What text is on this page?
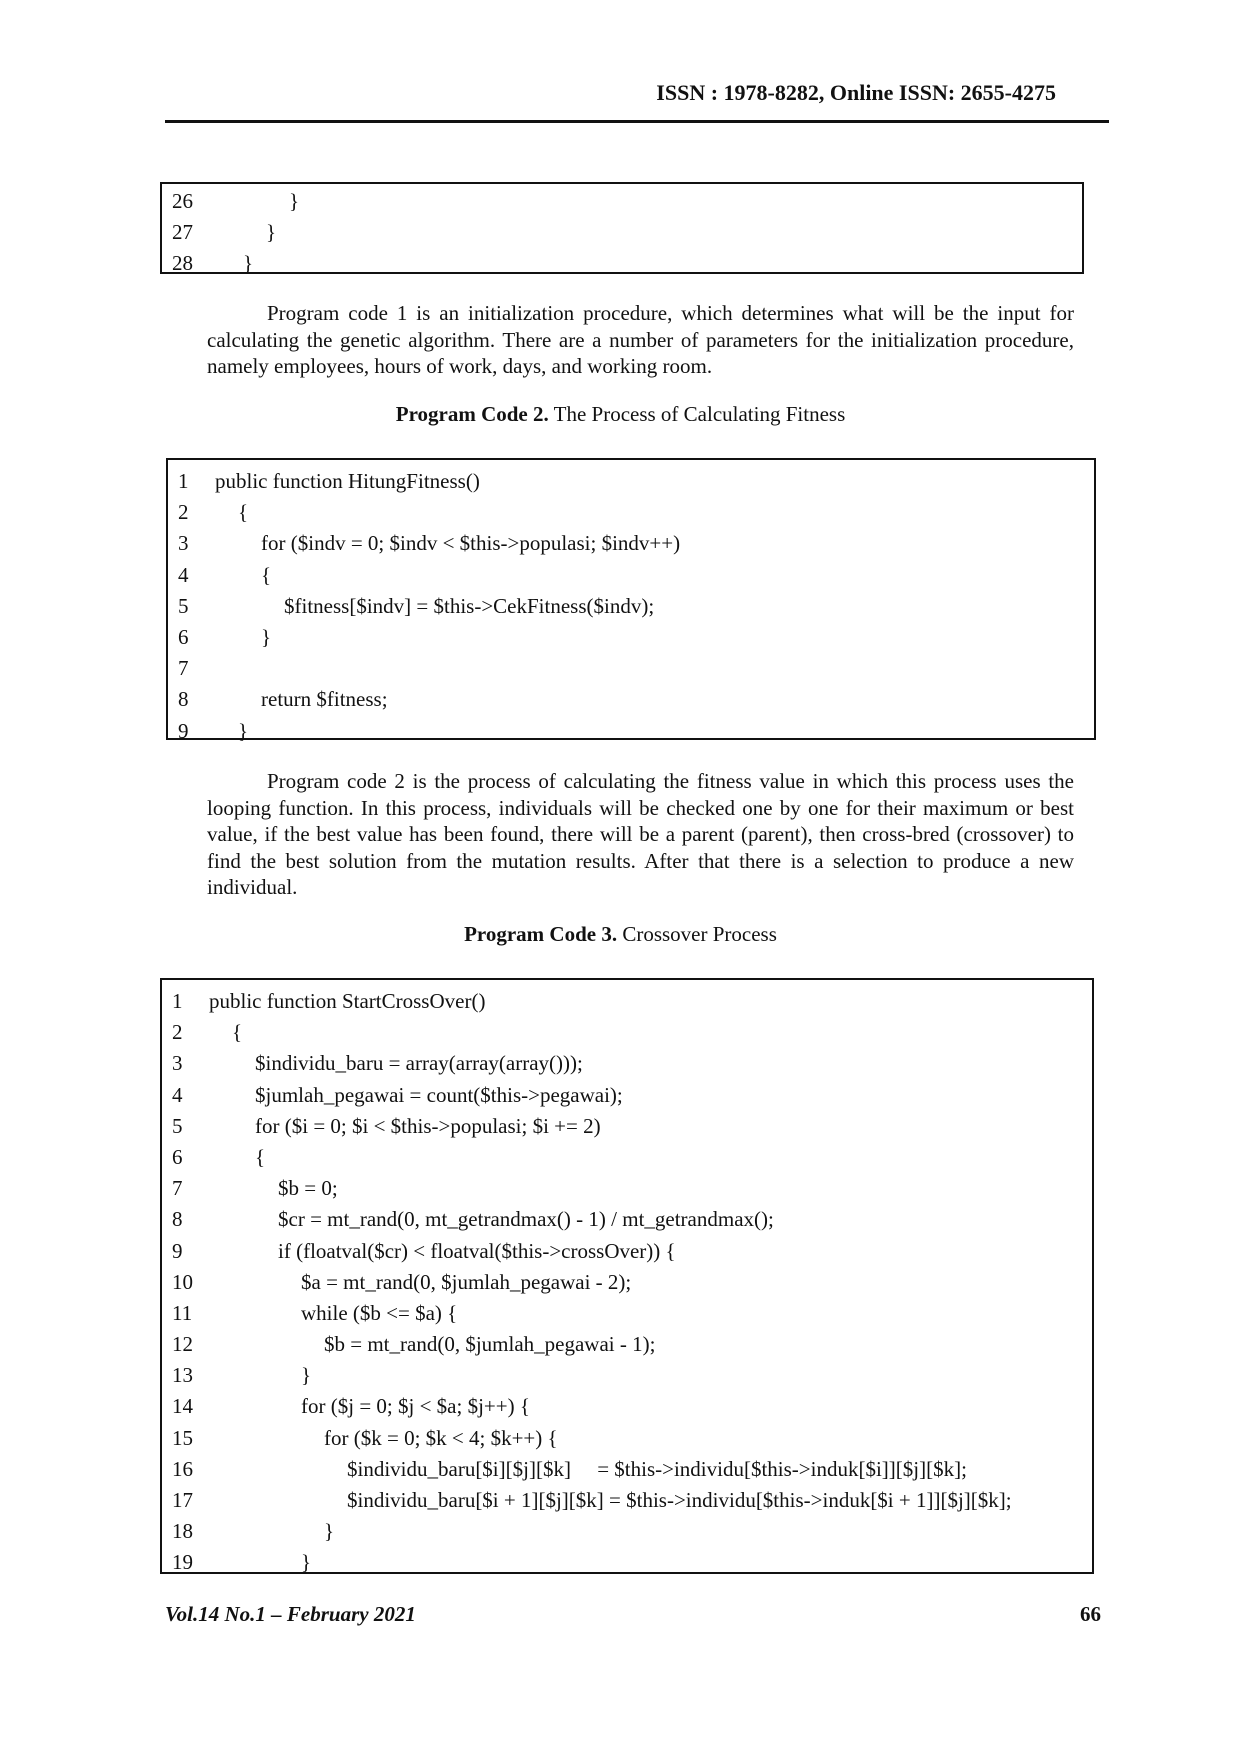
ISSN : 1978-8282, Online ISSN: 2655-4275
26	}
27	}
28	}

Program code 1 is an initialization procedure, which determines what will be the input for calculating the genetic algorithm. There are a number of parameters for the initialization procedure, namely employees, hours of work, days, and working room.

Program Code 2. The Process of Calculating Fitness
1	public function HitungFitness()
2	{
3	for ($indv = 0; $indv < $this->populasi; $indv++)
4	{
5	$fitness[$indv] = $this->CekFitness($indv);
6	}
7
8	return $fitness;
9	}

Program code 2 is the process of calculating the fitness value in which this process uses the looping function. In this process, individuals will be checked one by one for their maximum or best value, if the best value has been found, there will be a parent (parent), then cross-bred (crossover) to find the best solution from the mutation results. After that there is a selection to produce a new individual.

Program Code 3. Crossover Process
1	public function StartCrossOver()
2	{
3	$individu_baru = array(array(array()));
4	$jumlah_pegawai = count($this->pegawai);
5	for ($i = 0; $i < $this->populasi; $i += 2)
6	{
7	$b = 0;
8	$cr = mt_rand(0, mt_getrandmax() - 1) / mt_getrandmax();
9	if (floatval($cr) < floatval($this->crossOver)) {
10	$a = mt_rand(0, $jumlah_pegawai - 2);
11	while ($b <= $a) {
12	$b = mt_rand(0, $jumlah_pegawai - 1);
13	}
14	for ($j = 0; $j < $a; $j++) {
15	for ($k = 0; $k < 4; $k++) {
16	$individu_baru[$i][$j][$k]     = $this->individu[$this->induk[$i]][$j][$k];
17	$individu_baru[$i + 1][$j][$k] = $this->individu[$this->induk[$i + 1]][$j][$k];
18	}
19	}
Vol.14 No.1 – February 2021	66
